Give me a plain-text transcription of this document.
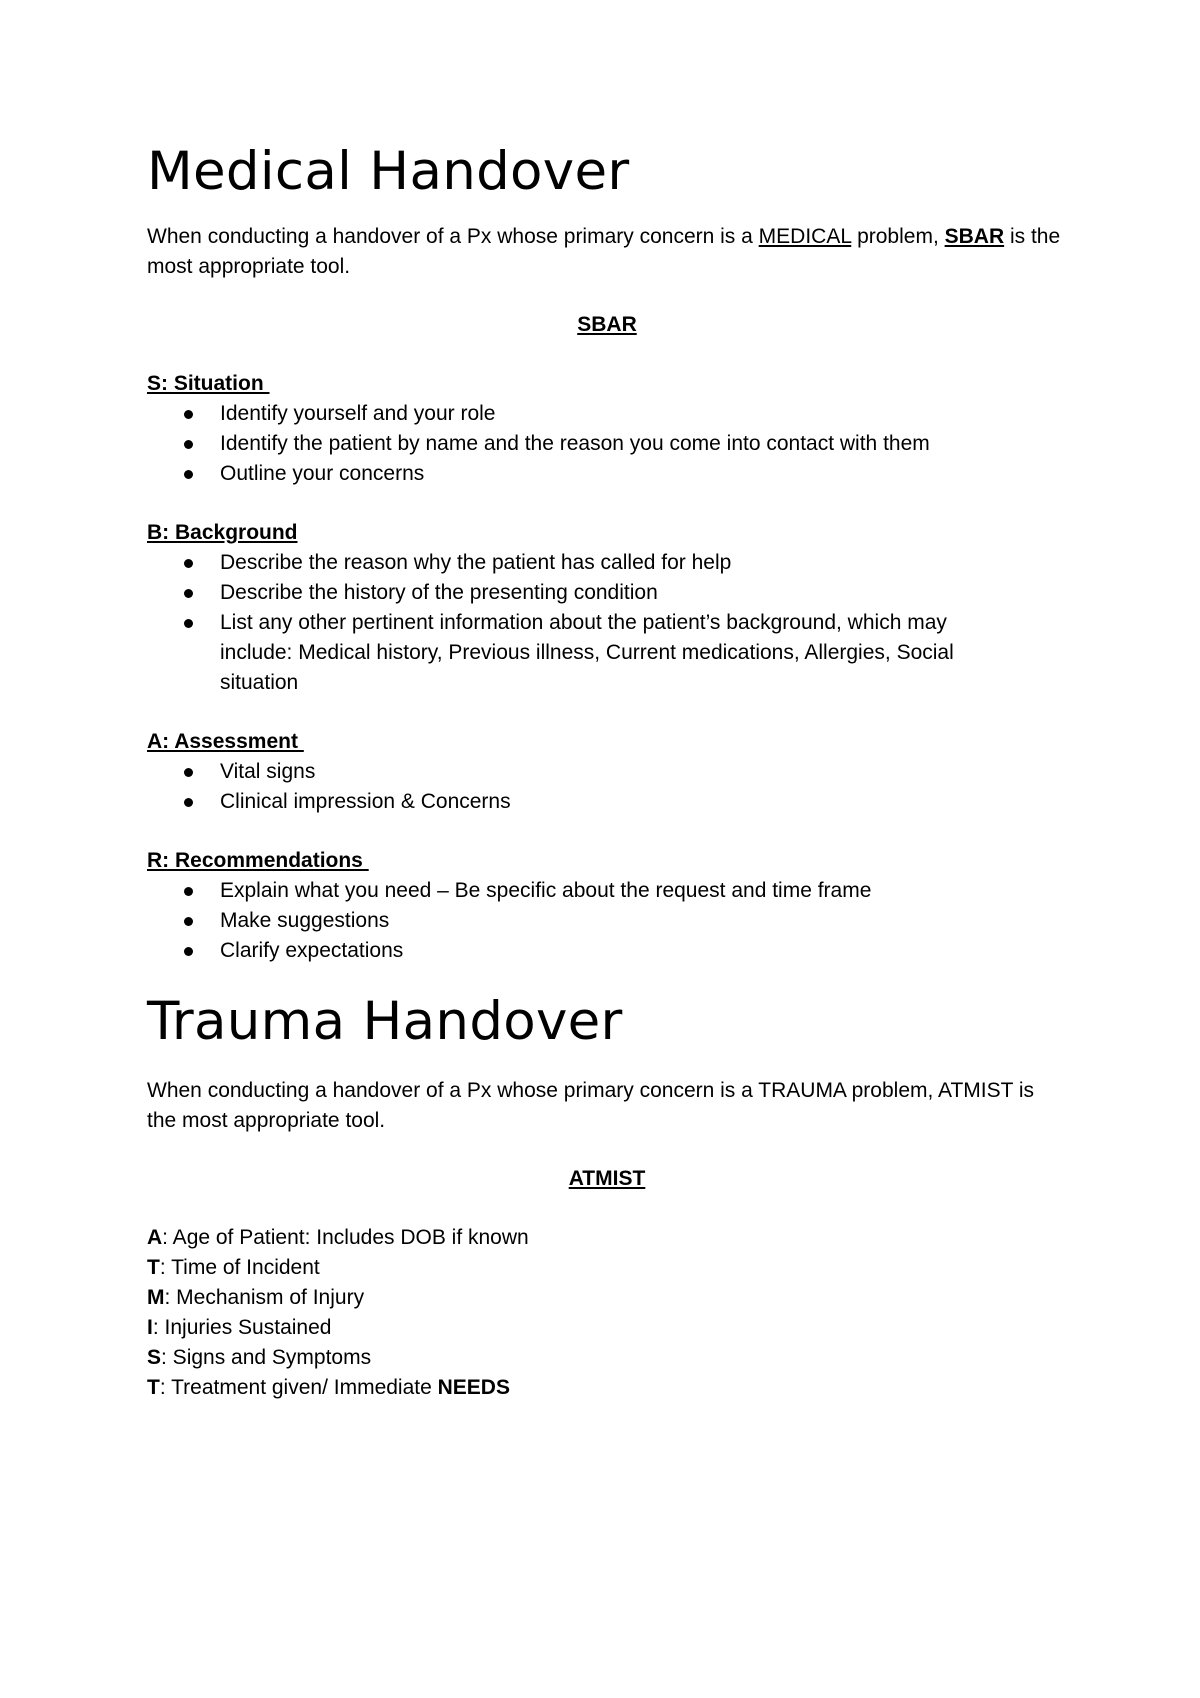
Medical Handover

When conducting a handover of a Px whose primary concern is a MEDICAL problem, SBAR is the most appropriate tool.

SBAR

S: Situation

Identify yourself and your role
Identify the patient by name and the reason you come into contact with them
Outline your concerns

B: Background

Describe the reason why the patient has called for help
Describe the history of the presenting condition
List any other pertinent information about the patient’s background, which may include: Medical history, Previous illness, Current medications, Allergies, Social situation

A: Assessment

Vital signs
Clinical impression & Concerns

R: Recommendations

Explain what you need – Be specific about the request and time frame
Make suggestions
Clarify expectations
Trauma Handover

When conducting a handover of a Px whose primary concern is a TRAUMA problem, ATMIST is the most appropriate tool.

ATMIST

A: Age of Patient: Includes DOB if known

T: Time of Incident

M: Mechanism of Injury

I: Injuries Sustained

S: Signs and Symptoms

T: Treatment given/ Immediate NEEDS
